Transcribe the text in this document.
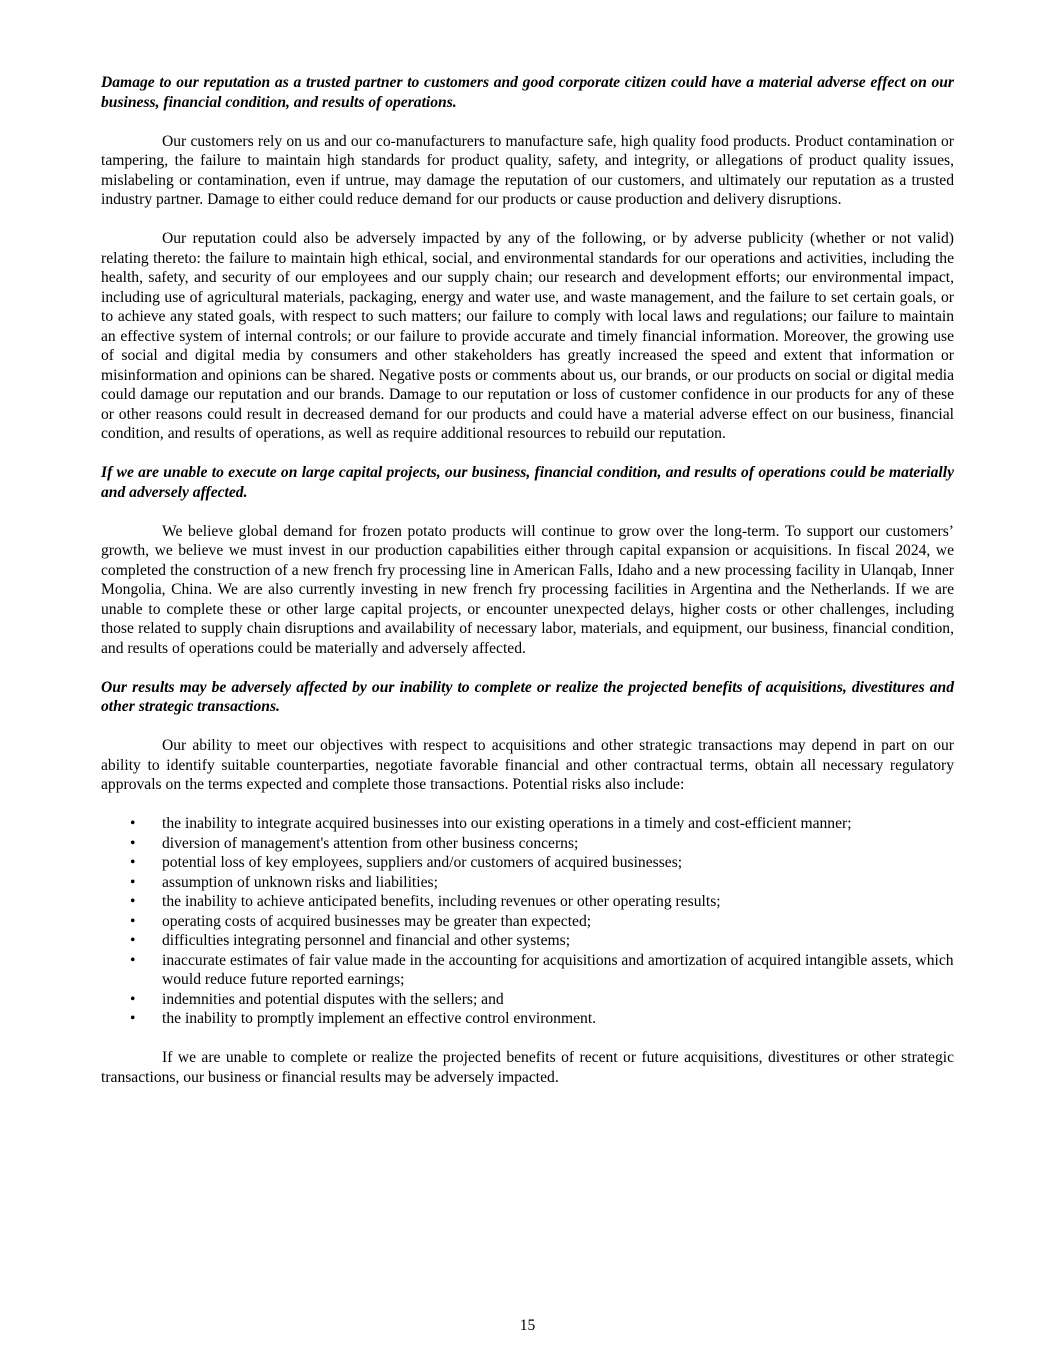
Damage to our reputation as a trusted partner to customers and good corporate citizen could have a material adverse effect on our business, financial condition, and results of operations.

Our customers rely on us and our co-manufacturers to manufacture safe, high quality food products. Product contamination or tampering, the failure to maintain high standards for product quality, safety, and integrity, or allegations of product quality issues, mislabeling or contamination, even if untrue, may damage the reputation of our customers, and ultimately our reputation as a trusted industry partner. Damage to either could reduce demand for our products or cause production and delivery disruptions.

Our reputation could also be adversely impacted by any of the following, or by adverse publicity (whether or not valid) relating thereto: the failure to maintain high ethical, social, and environmental standards for our operations and activities, including the health, safety, and security of our employees and our supply chain; our research and development efforts; our environmental impact, including use of agricultural materials, packaging, energy and water use, and waste management, and the failure to set certain goals, or to achieve any stated goals, with respect to such matters; our failure to comply with local laws and regulations; our failure to maintain an effective system of internal controls; or our failure to provide accurate and timely financial information. Moreover, the growing use of social and digital media by consumers and other stakeholders has greatly increased the speed and extent that information or misinformation and opinions can be shared. Negative posts or comments about us, our brands, or our products on social or digital media could damage our reputation and our brands. Damage to our reputation or loss of customer confidence in our products for any of these or other reasons could result in decreased demand for our products and could have a material adverse effect on our business, financial condition, and results of operations, as well as require additional resources to rebuild our reputation.

If we are unable to execute on large capital projects, our business, financial condition, and results of operations could be materially and adversely affected.

We believe global demand for frozen potato products will continue to grow over the long-term. To support our customers’ growth, we believe we must invest in our production capabilities either through capital expansion or acquisitions. In fiscal 2024, we completed the construction of a new french fry processing line in American Falls, Idaho and a new processing facility in Ulanqab, Inner Mongolia, China. We are also currently investing in new french fry processing facilities in Argentina and the Netherlands. If we are unable to complete these or other large capital projects, or encounter unexpected delays, higher costs or other challenges, including those related to supply chain disruptions and availability of necessary labor, materials, and equipment, our business, financial condition, and results of operations could be materially and adversely affected.

Our results may be adversely affected by our inability to complete or realize the projected benefits of acquisitions, divestitures and other strategic transactions.

Our ability to meet our objectives with respect to acquisitions and other strategic transactions may depend in part on our ability to identify suitable counterparties, negotiate favorable financial and other contractual terms, obtain all necessary regulatory approvals on the terms expected and complete those transactions. Potential risks also include:

• the inability to integrate acquired businesses into our existing operations in a timely and cost-efficient manner;
• diversion of management's attention from other business concerns;
• potential loss of key employees, suppliers and/or customers of acquired businesses;
• assumption of unknown risks and liabilities;
• the inability to achieve anticipated benefits, including revenues or other operating results;
• operating costs of acquired businesses may be greater than expected;
• difficulties integrating personnel and financial and other systems;
• inaccurate estimates of fair value made in the accounting for acquisitions and amortization of acquired intangible assets, which would reduce future reported earnings;
• indemnities and potential disputes with the sellers; and
• the inability to promptly implement an effective control environment.

If we are unable to complete or realize the projected benefits of recent or future acquisitions, divestitures or other strategic transactions, our business or financial results may be adversely impacted.

15
